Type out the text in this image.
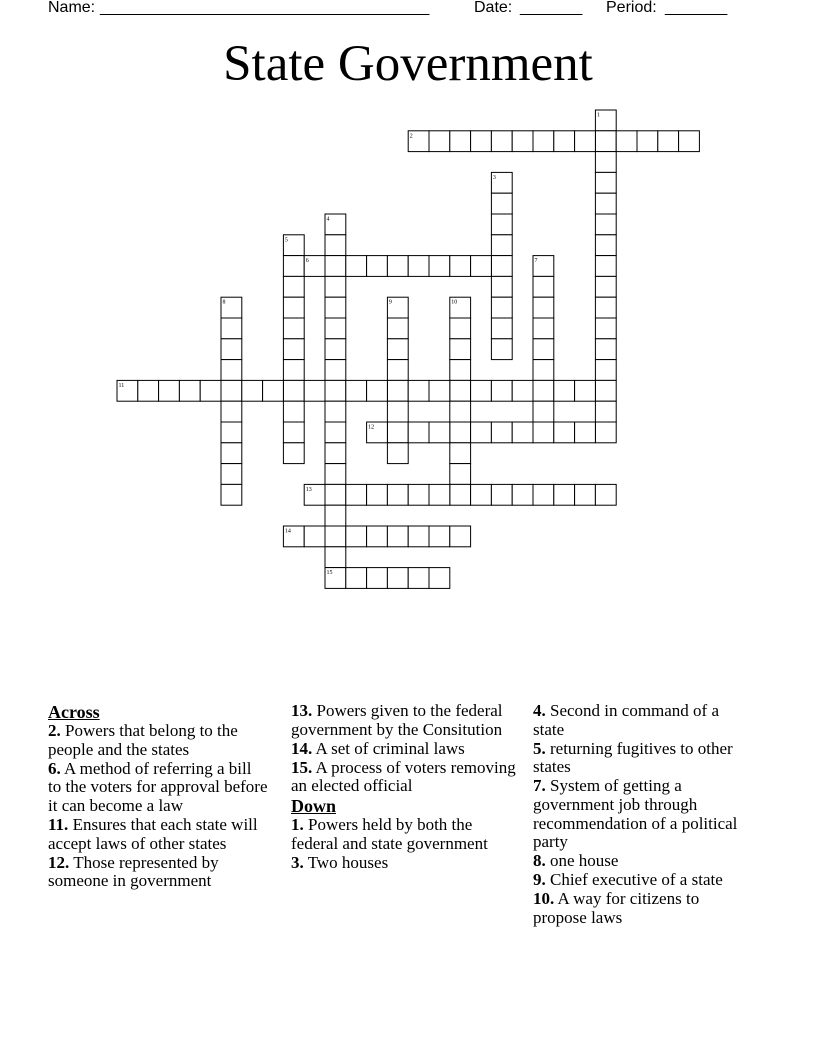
Name:

_____________________________________

	Date:

_______

Period:

_______

State Government
1
2
3
4
5
6	7
8	9	10
11
12
13
14
15
Across
2. Powers that belong to the people and the states
6. A method of referring a bill to the voters for approval before it can become a law
11. Ensures that each state will accept laws of other states
12. Those represented by someone in government
13. Powers given to the federal government by the Consitution
14. A set of criminal laws
15. A process of voters removing an elected official
Down
1. Powers held by both the federal and state government
3. Two houses
4. Second in command of a state
5. returning fugitives to other states
7. System of getting a government job through recommendation of a political party
8. one house
9. Chief executive of a state
10. A way for citizens to propose laws
